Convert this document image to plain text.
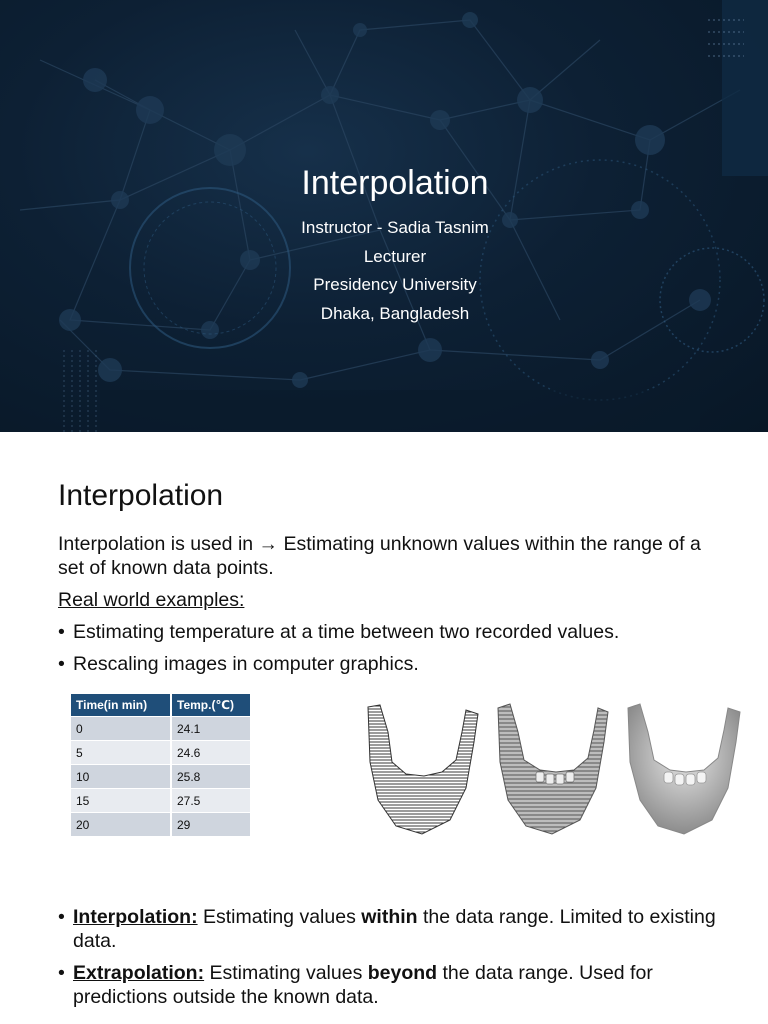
Interpolation
Instructor - Sadia Tasnim
Lecturer
Presidency University
Dhaka, Bangladesh
Interpolation
Interpolation is used in → Estimating unknown values within the range of a set of known data points.
Real world examples:
• Estimating temperature at a time between two recorded values.
• Rescaling images in computer graphics.
Time(in min)	Temp.(℃)
0	24.1
5	24.6
10	25.8
15	27.5
20	29
• Interpolation: Estimating values within the data range. Limited to existing data.
• Extrapolation: Estimating values beyond the data range. Used for predictions outside the known data.
